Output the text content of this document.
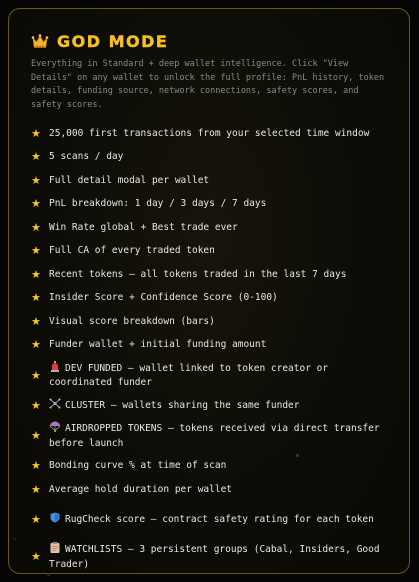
GOD MODE
Everything in Standard + deep wallet intelligence. Click "View Details" on any wallet to unlock the full profile: PnL history, token details, funding source, network connections, safety scores, and safety scores.
★ 25,000 first transactions from your selected time window
★ 5 scans / day
★ Full detail modal per wallet
★ PnL breakdown: 1 day / 3 days / 7 days
★ Win Rate global + Best trade ever
★ Full CA of every traded token
★ Recent tokens — all tokens traded in the last 7 days
★ Insider Score + Confidence Score (0-100)
★ Visual score breakdown (bars)
★ Funder wallet + initial funding amount
★
DEV FUNDED — wallet linked to token creator or coordinated funder
★	CLUSTER — wallets sharing the same funder
★
AIRDROPPED TOKENS — tokens received via direct transfer before launch
★ Bonding curve % at time of scan
★ Average hold duration per wallet
★	RugCheck score — contract safety rating for each token
★
WATCHLISTS — 3 persistent groups (Cabal, Insiders, Good Trader)
